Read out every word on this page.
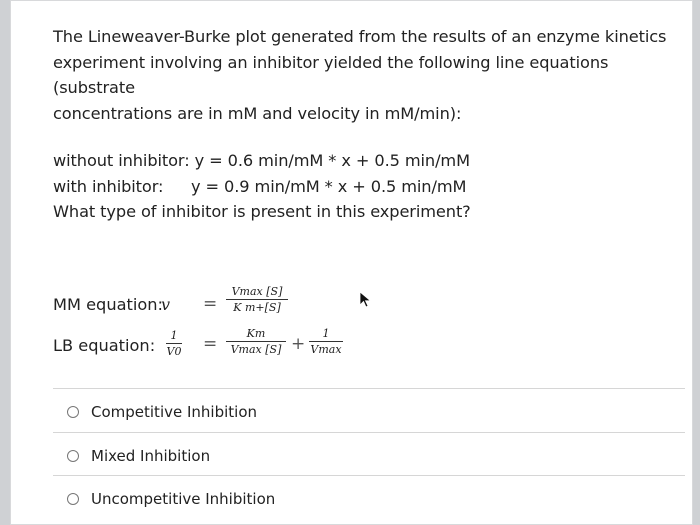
The Lineweaver-Burke plot generated from the results of an enzyme kinetics
experiment involving an inhibitor yielded the following line equations (substrate
concentrations are in mM and velocity in mM/min):
without inhibitor: y = 0.6 min/mM * x + 0.5 min/mM
with inhibitor: y = 0.9 min/mM * x + 0.5 min/mM
What type of inhibitor is present in this experiment?
MM equation:
v =
Vmax [S]
K m+[S]
LB equation:
1
V0 =
Km
Vmax [S] +
1
Vmax
Competitive Inhibition
Mixed Inhibition
Uncompetitive Inhibition
